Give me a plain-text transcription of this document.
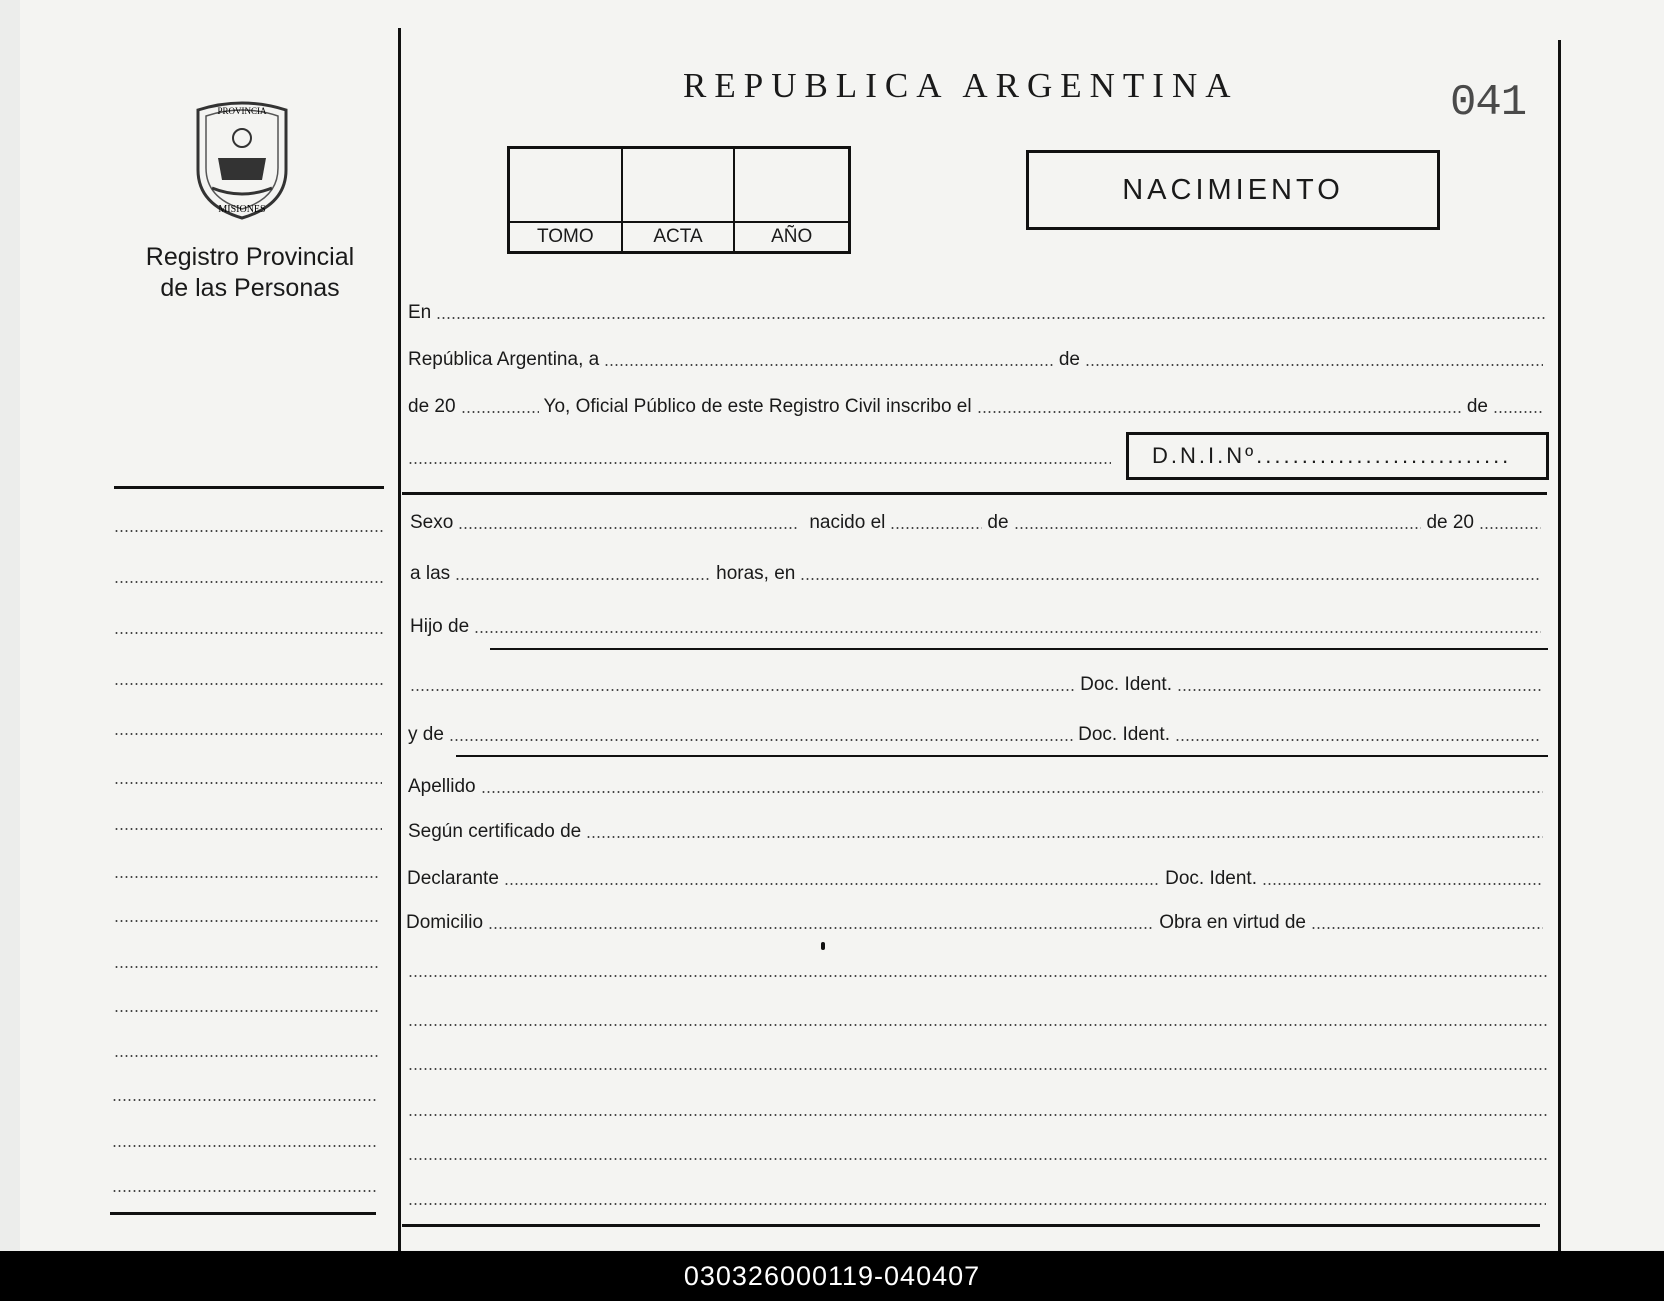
PROVINCIA
MISIONES
Registro Provincial
de las Personas
REPUBLICA ARGENTINA	041
TOMO	ACTA	AÑO
NACIMIENTO
En
República Argentina, a	de
de 20	Yo, Oficial Público de este Registro Civil inscribo el	de
D.N.I.Nº............................
Sexo	nacido el	de	de 20
a las	horas, en
Hijo de
Doc. Ident.
y de	Doc. Ident.
Apellido
Según certificado de
Declarante	Doc. Ident.
Domicilio	Obra en virtud de
030326000119-040407
